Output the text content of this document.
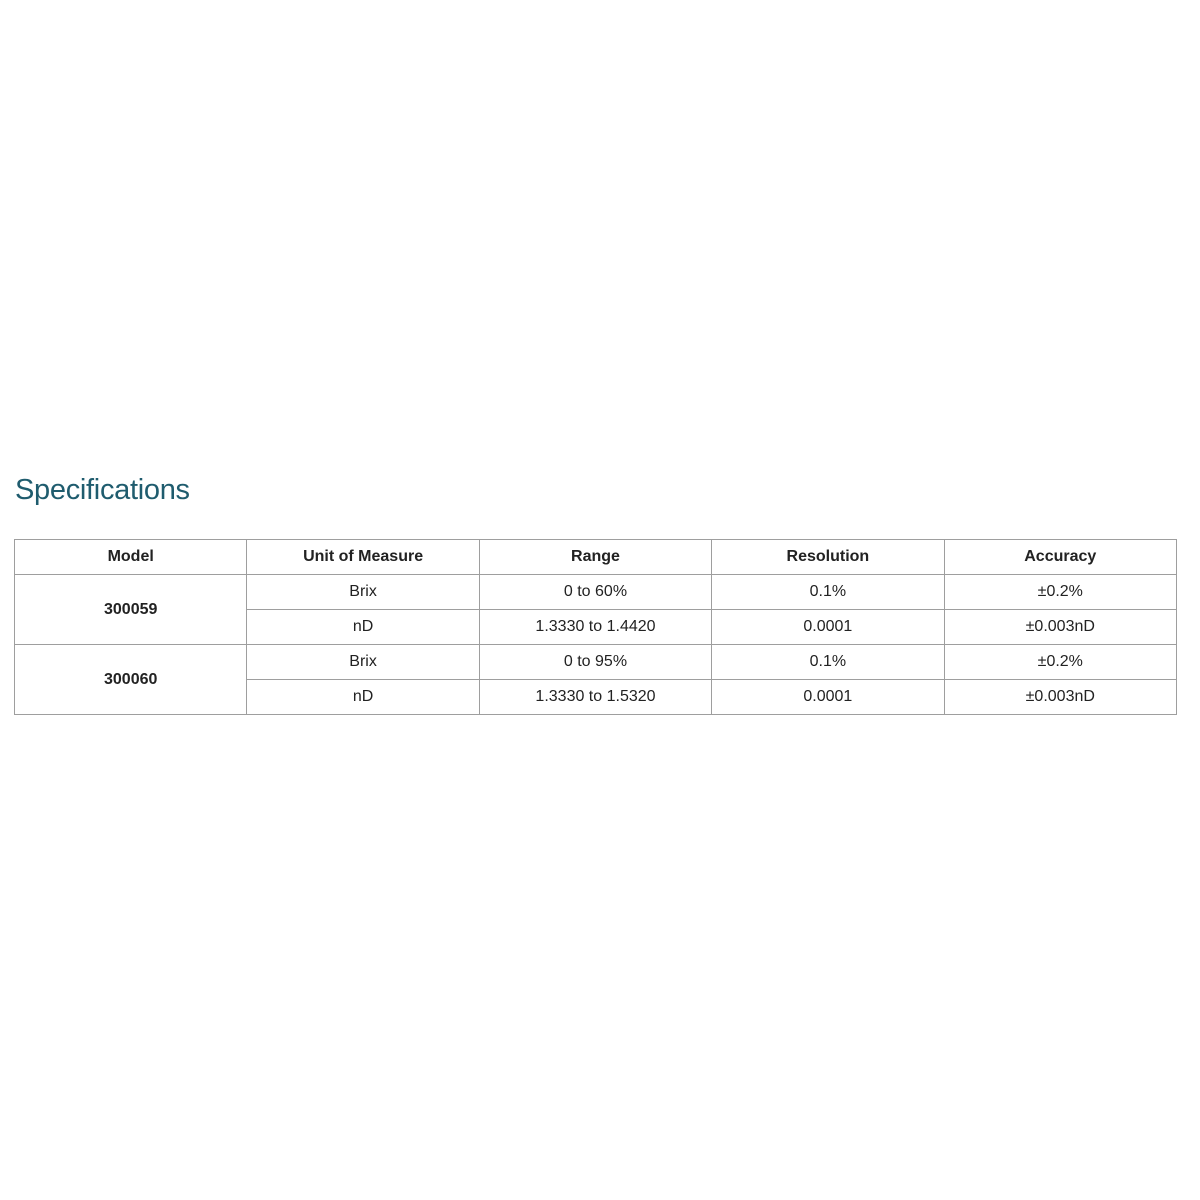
Specifications
Model	Unit of Measure	Range	Resolution	Accuracy
300059	Brix	0 to 60%	0.1%	±0.2%
	nD	1.3330 to 1.4420	0.0001	±0.003nD
300060	Brix	0 to 95%	0.1%	±0.2%
	nD	1.3330 to 1.5320	0.0001	±0.003nD
